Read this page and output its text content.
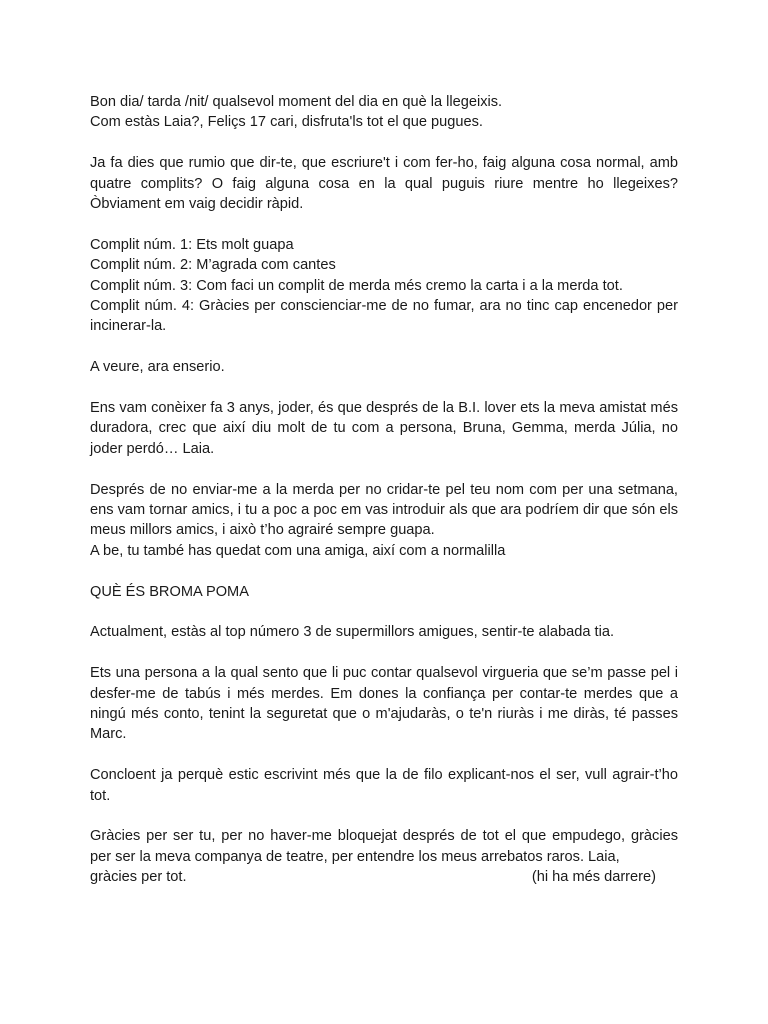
Bon dia/ tarda /nit/ qualsevol moment del dia en què la llegeixis.
Com estàs Laia?, Feliçs 17 cari, disfruta'ls tot el que pugues.

Ja fa dies que rumio que dir-te, que escriure't i com fer-ho, faig alguna cosa normal, amb quatre complits? O faig alguna cosa en la qual puguis riure mentre ho llegeixes? Òbviament em vaig decidir ràpid.

Complit núm. 1: Ets molt guapa
Complit núm. 2: M’agrada com cantes
Complit núm. 3: Com faci un complit de merda més cremo la carta i a la merda tot.
Complit núm. 4: Gràcies per conscienciar-me de no fumar, ara no tinc cap encenedor per incinerar-la.

A veure, ara enserio.

Ens vam conèixer fa 3 anys, joder, és que després de la B.I. lover ets la meva amistat més duradora, crec que així diu molt de tu com a persona, Bruna, Gemma, merda Júlia, no joder perdó… Laia.

Després de no enviar-me a la merda per no cridar-te pel teu nom com per una setmana, ens vam tornar amics, i tu a poc a poc em vas introduir als que ara podríem dir que són els meus millors amics, i això t’ho agrairé sempre guapa.
A be, tu també has quedat com una amiga, així com a normalilla

QUÈ ÉS BROMA POMA

Actualment, estàs al top número 3 de supermillors amigues, sentir-te alabada tia.

Ets una persona a la qual sento que li puc contar qualsevol virgueria que se’m passe pel i desfer-me de tabús i més merdes. Em dones la confiança per contar-te merdes que a ningú més conto, tenint la seguretat que o m'ajudaràs, o te'n riuràs i me diràs, té passes Marc.

Concloent ja perquè estic escrivint més que la de filo explicant-nos el ser, vull agrair-t’ho tot.

Gràcies per ser tu, per no haver-me bloquejat després de tot el que empudego, gràcies per ser la meva companya de teatre, per entendre los meus arrebatos raros. Laia,
gràcies per tot.	(hi ha més darrere)
